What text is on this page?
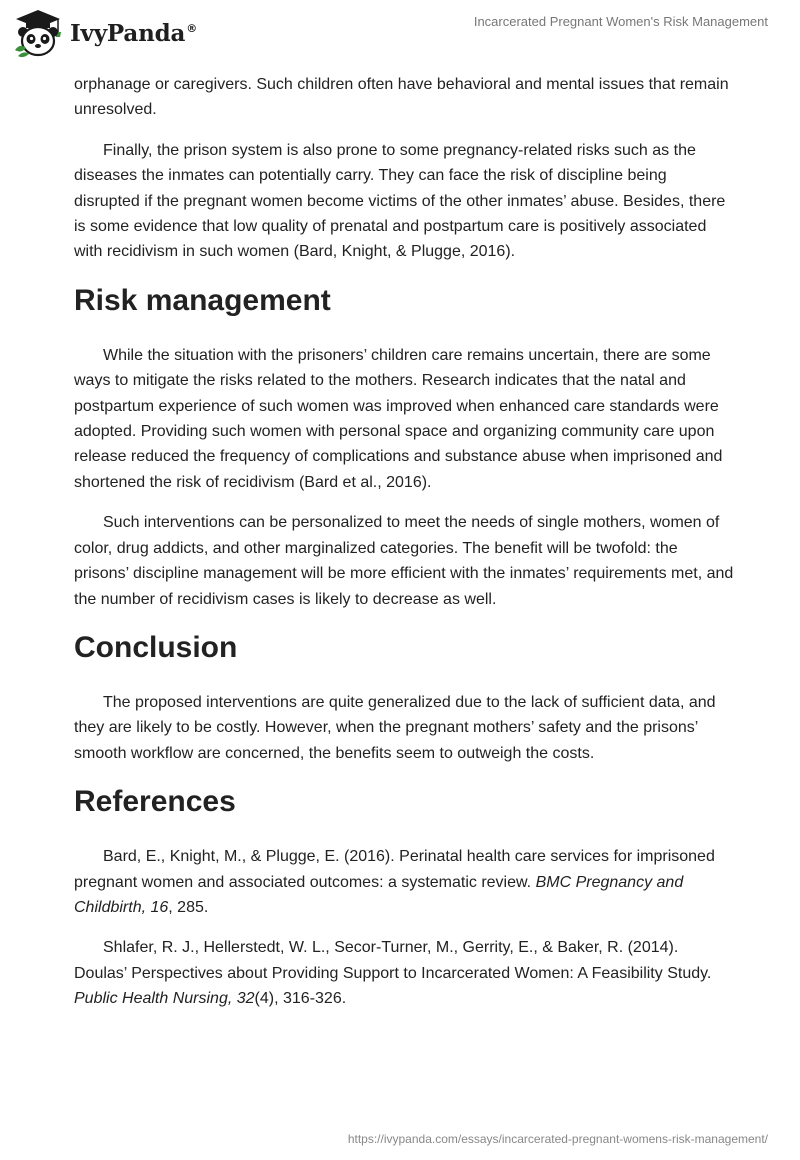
IvyPanda®	Incarcerated Pregnant Women's Risk Management

orphanage or caregivers. Such children often have behavioral and mental issues that remain unresolved.

Finally, the prison system is also prone to some pregnancy-related risks such as the diseases the inmates can potentially carry. They can face the risk of discipline being disrupted if the pregnant women become victims of the other inmates’ abuse. Besides, there is some evidence that low quality of prenatal and postpartum care is positively associated with recidivism in such women (Bard, Knight, & Plugge, 2016).

Risk management

While the situation with the prisoners’ children care remains uncertain, there are some ways to mitigate the risks related to the mothers. Research indicates that the natal and postpartum experience of such women was improved when enhanced care standards were adopted. Providing such women with personal space and organizing community care upon release reduced the frequency of complications and substance abuse when imprisoned and shortened the risk of recidivism (Bard et al., 2016).

Such interventions can be personalized to meet the needs of single mothers, women of color, drug addicts, and other marginalized categories. The benefit will be twofold: the prisons’ discipline management will be more efficient with the inmates’ requirements met, and the number of recidivism cases is likely to decrease as well.

Conclusion

The proposed interventions are quite generalized due to the lack of sufficient data, and they are likely to be costly. However, when the pregnant mothers’ safety and the prisons’ smooth workflow are concerned, the benefits seem to outweigh the costs.

References

Bard, E., Knight, M., & Plugge, E. (2016). Perinatal health care services for imprisoned pregnant women and associated outcomes: a systematic review. BMC Pregnancy and Childbirth, 16, 285.

Shlafer, R. J., Hellerstedt, W. L., Secor-Turner, M., Gerrity, E., & Baker, R. (2014). Doulas’ Perspectives about Providing Support to Incarcerated Women: A Feasibility Study. Public Health Nursing, 32(4), 316-326.

https://ivypanda.com/essays/incarcerated-pregnant-womens-risk-management/
